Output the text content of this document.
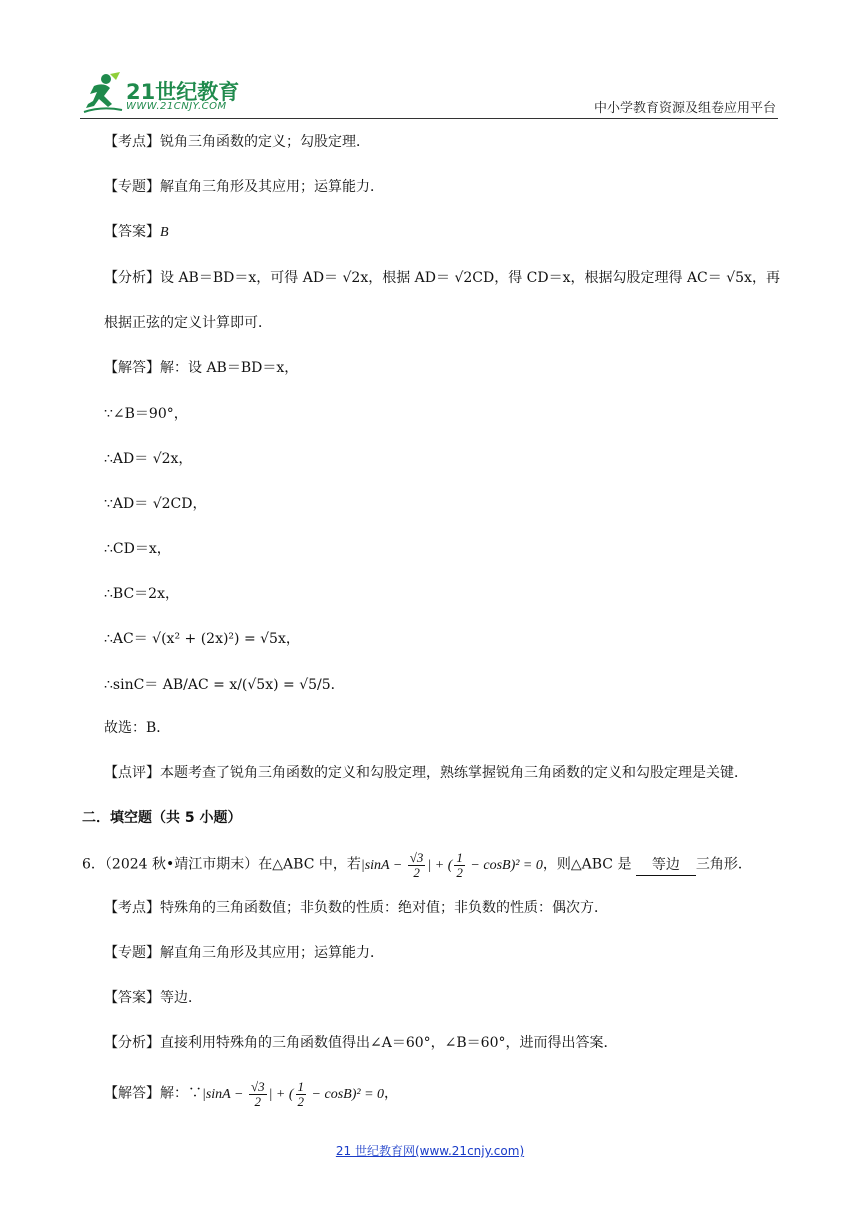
21世纪教育
WWW.21CNJY.COM	中小学教育资源及组卷应用平台
【考点】锐角三角函数的定义；勾股定理．
【专题】解直角三角形及其应用；运算能力．
【答案】B
【分析】设 AB＝BD＝x，可得 AD＝ √2x，根据 AD＝ √2CD，得 CD＝x，根据勾股定理得 AC＝ √5x，再
根据正弦的定义计算即可．
【解答】解：设 AB＝BD＝x，
∵∠B＝90°，
∴AD＝ √2x，
∵AD＝ √2CD，
∴CD＝x，
∴BC＝2x，
∴AC＝ √(x² + (2x)²) = √5x，
∴sinC＝ AB/AC = x/(√5x) = √5/5．
故选：B．
【点评】本题考查了锐角三角函数的定义和勾股定理，熟练掌握锐角三角函数的定义和勾股定理是关键．
二．填空题（共 5 小题）
6．（2024 秋•靖江市期末）在△ABC 中，若$|\sin A - \frac{√3}{2}$ | + ( $\frac{1}{2} - \cos B)^2 = 0$，则△ABC 是 等边 三角形．
【考点】特殊角的三角函数值；非负数的性质：绝对值；非负数的性质：偶次方．
【专题】解直角三角形及其应用；运算能力．
【答案】等边．
【分析】直接利用特殊角的三角函数值得出∠A＝60°，∠B＝60°，进而得出答案．
【解答】解：∵|sinA − $\frac{√3}{2}$ | + ( $\frac{1}{2} - \cos B)^2 = 0$，
21 世纪教育网(www.21cnjy.com)
